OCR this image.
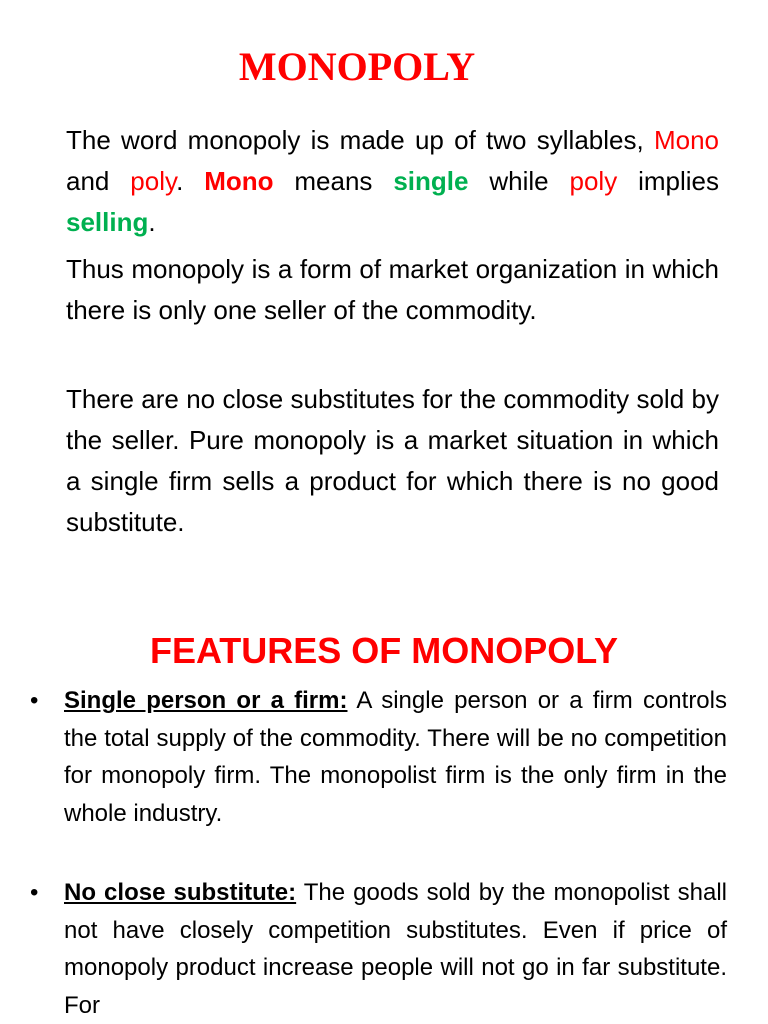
MONOPOLY

The word monopoly is made up of two syllables, Mono and poly. Mono means single while poly implies selling.

Thus monopoly is a form of market organization in which there is only one seller of the commodity.

There are no close substitutes for the commodity sold by the seller. Pure monopoly is a market situation in which a single firm sells a product for which there is no good substitute.

FEATURES OF MONOPOLY
• Single person or a firm: A single person or a firm controls the total supply of the commodity. There will be no competition for monopoly firm. The monopolist firm is the only firm in the whole industry.

• No close substitute: The goods sold by the monopolist shall not have closely competition substitutes. Even if price of monopoly product increase people will not go in far substitute. For
